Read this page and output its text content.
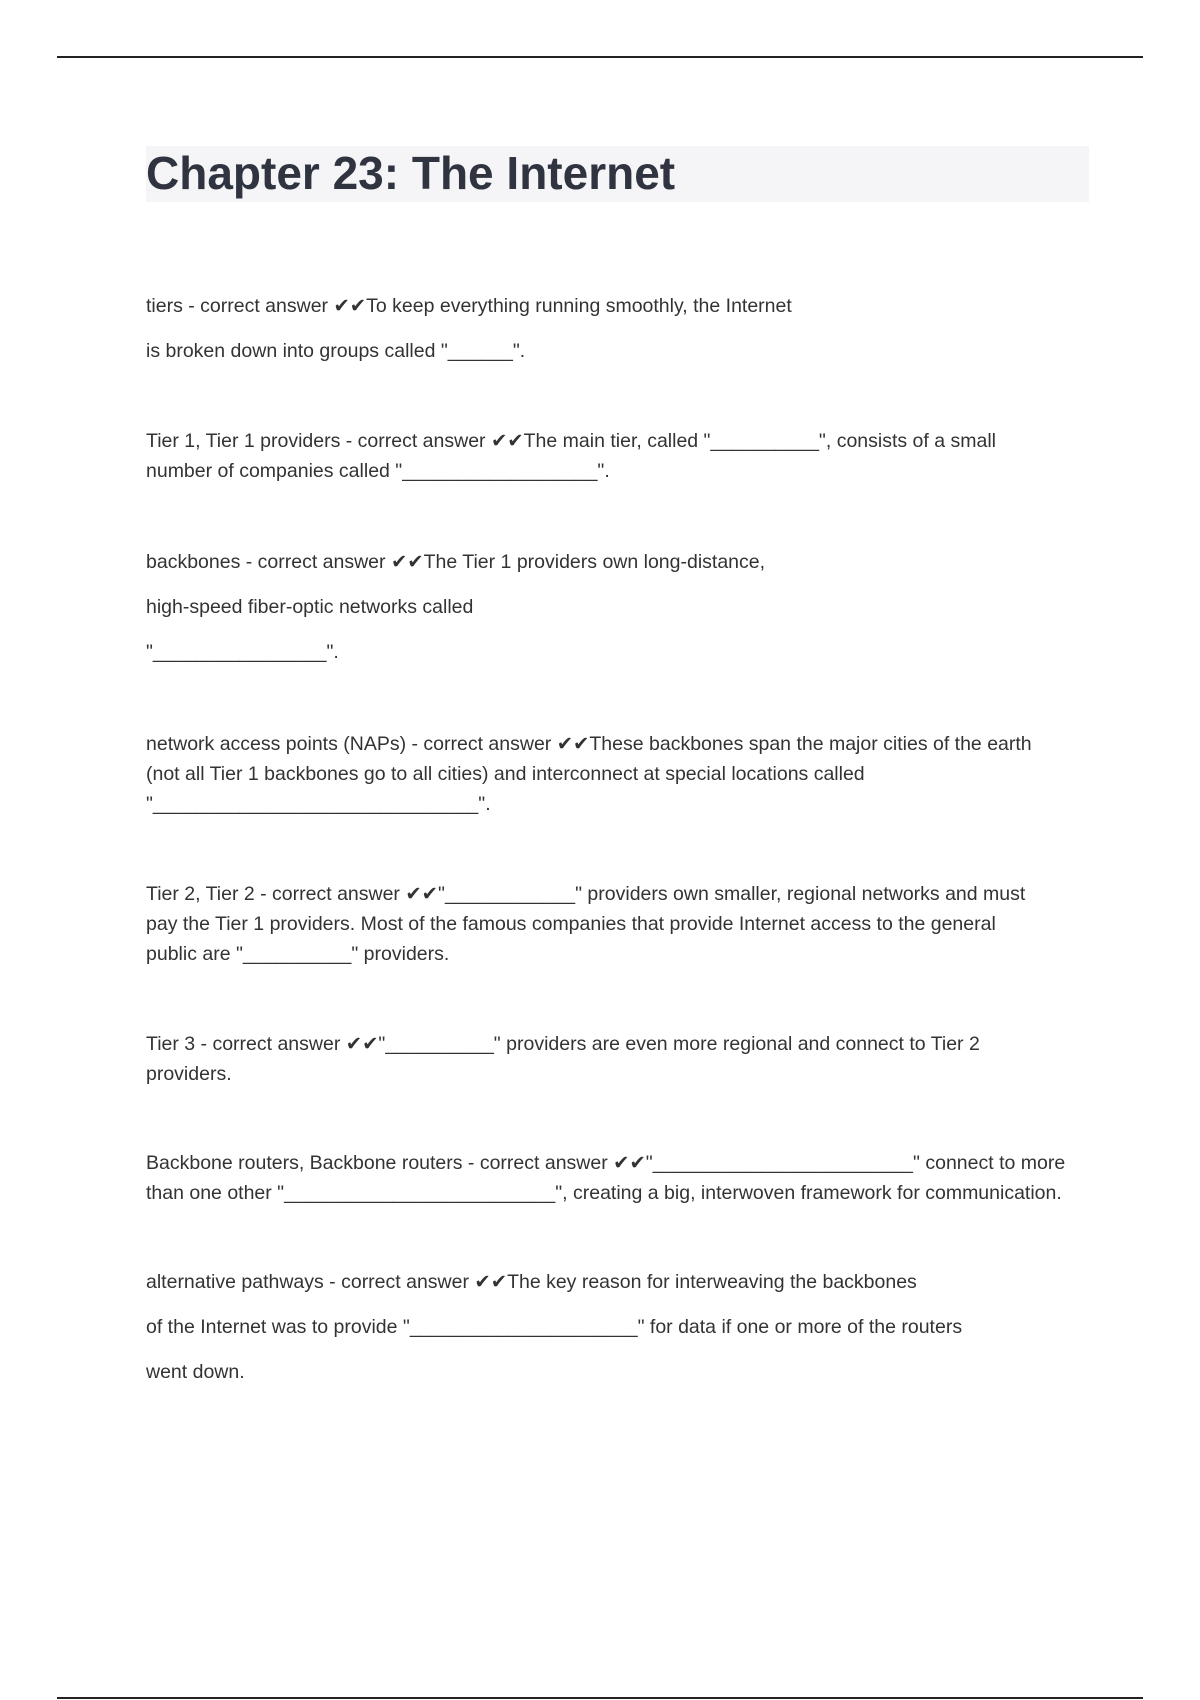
Chapter 23: The Internet
tiers - correct answer ✔✔To keep everything running smoothly, the Internet
is broken down into groups called "______".
Tier 1, Tier 1 providers - correct answer ✔✔The main tier, called "__________", consists of a small
number of companies called "__________________".
backbones - correct answer ✔✔The Tier 1 providers own long-distance,
high-speed fiber-optic networks called
"________________".
network access points (NAPs) - correct answer ✔✔These backbones span the major cities of the earth
(not all Tier 1 backbones go to all cities) and interconnect at special locations called
"______________________________".
Tier 2, Tier 2 - correct answer ✔✔"____________" providers own smaller, regional networks and must
pay the Tier 1 providers. Most of the famous companies that provide Internet access to the general
public are "__________" providers.
Tier 3 - correct answer ✔✔"__________" providers are even more regional and connect to Tier 2
providers.
Backbone routers, Backbone routers - correct answer ✔✔"________________________" connect to more
than one other "_________________________", creating a big, interwoven framework for communication.
alternative pathways - correct answer ✔✔The key reason for interweaving the backbones
of the Internet was to provide "_____________________" for data if one or more of the routers
went down.
